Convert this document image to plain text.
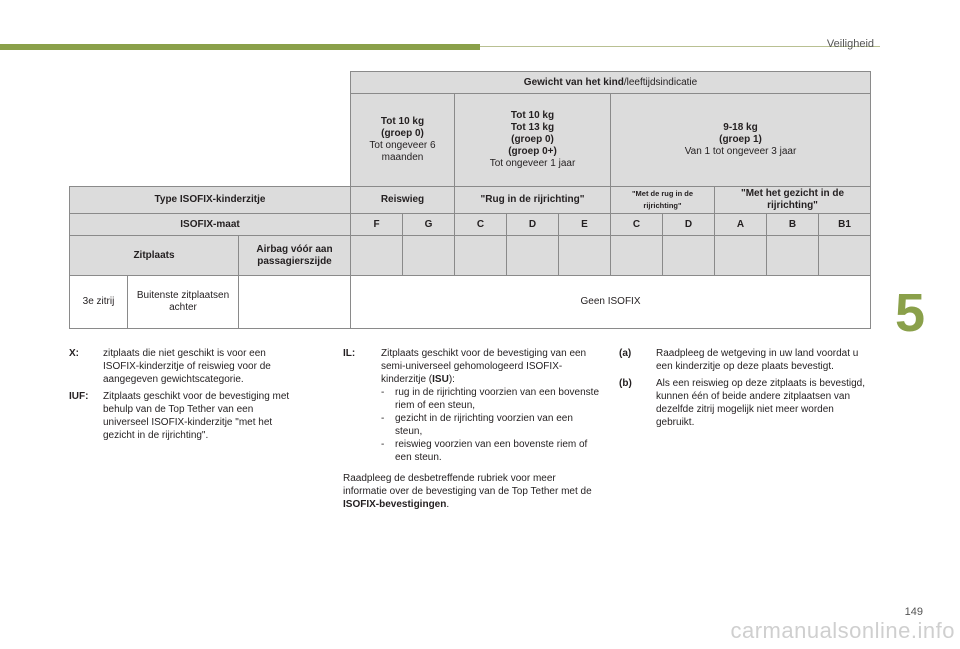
Veiligheid
5
			Gewicht van het kind/leeftijdsindicatie									

			Tot 10 kg
(groep 0)
Tot ongeveer 6 maanden		Tot 10 kg
Tot 13 kg
(groep 0)
(groep 0+)
Tot ongeveer 1 jaar			9-18 kg
(groep 1)
Van 1 tot ongeveer 3 jaar				

Type ISOFIX-kinderzitje			Reiswieg		"Rug in de rijrichting"			"Met de rug in de rijrichting"		"Met het gezicht in de rijrichting"		
ISOFIX-maat			F	G	C	D	E	C	D	A	B	B1
Zitplaats		Airbag vóór aan passagierszijde										
3e zitrij	Buitenste zitplaatsen achter		Geen ISOFIX									
X:	zitplaats die niet geschikt is voor een ISOFIX-kinderzitje of reiswieg voor de aangegeven gewichtscategorie.
IUF:	Zitplaats geschikt voor de bevestiging met behulp van de Top Tether van een universeel ISOFIX-kinderzitje "met het gezicht in de rijrichting".
IL:	Zitplaats geschikt voor de bevestiging van een semi-universeel gehomologeerd ISOFIX-kinderzitje (ISU):
-	rug in de rijrichting voorzien van een bovenste riem of een steun,
-	gezicht in de rijrichting voorzien van een steun,
-	reiswieg voorzien van een bovenste riem of een steun.
Raadpleeg de desbetreffende rubriek voor meer informatie over de bevestiging van de Top Tether met de ISOFIX-bevestigingen.
(a)	Raadpleeg de wetgeving in uw land voordat u een kinderzitje op deze plaats bevestigt.
(b)	Als een reiswieg op deze zitplaats is bevestigd, kunnen één of beide andere zitplaatsen van dezelfde zitrij mogelijk niet meer worden gebruikt.
149
carmanualsonline.info
